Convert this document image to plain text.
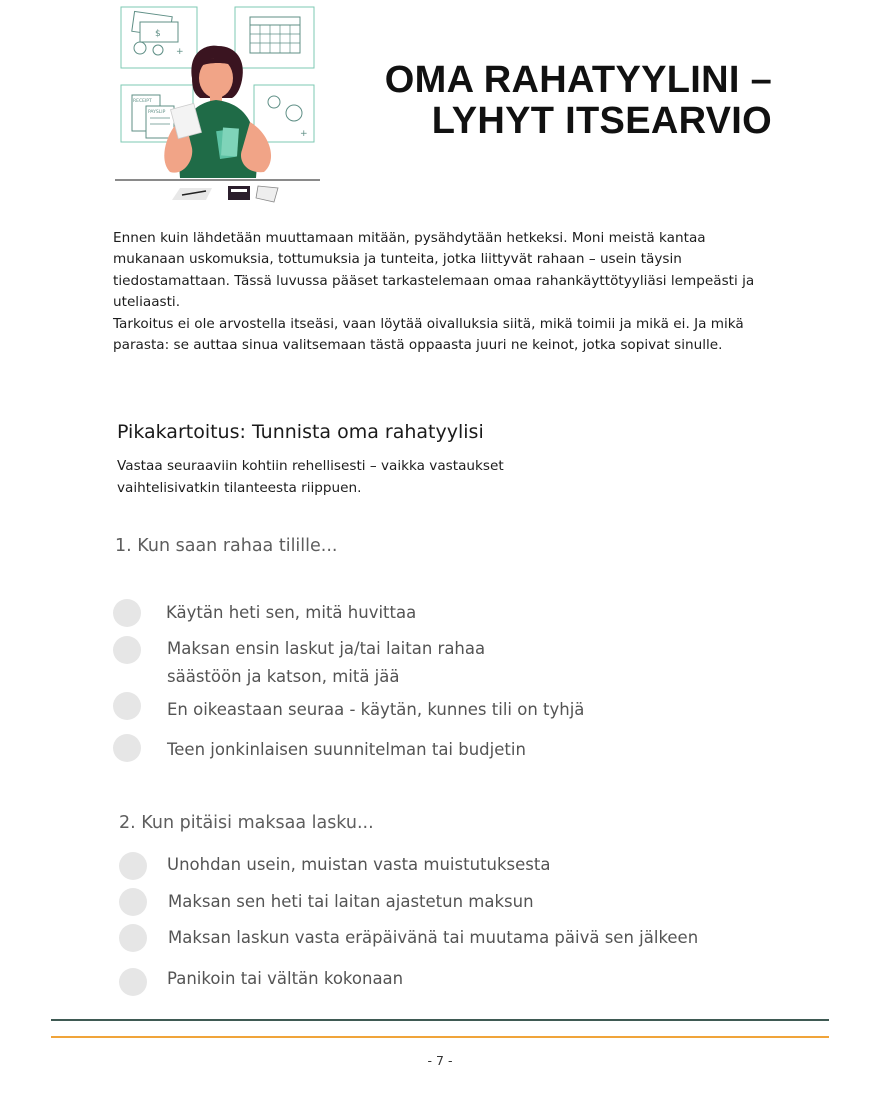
$
+
RECEIPT
PAYSLIP
+
OMA RAHATYYLINI –
LYHYT ITSEARVIO

Ennen kuin lähdetään muuttamaan mitään, pysähdytään hetkeksi. Moni meistä kantaa mukanaan uskomuksia, tottumuksia ja tunteita, jotka liittyvät rahaan – usein täysin tiedostamattaan. Tässä luvussa pääset tarkastelemaan omaa rahankäyttötyyliäsi lempeästi ja uteliaasti.

Tarkoitus ei ole arvostella itseäsi, vaan löytää oivalluksia siitä, mikä toimii ja mikä ei. Ja mikä parasta: se auttaa sinua valitsemaan tästä oppaasta juuri ne keinot, jotka sopivat sinulle.

Pikakartoitus: Tunnista oma rahatyylisi
Vastaa seuraaviin kohtiin rehellisesti – vaikka vastaukset vaihtelisivatkin tilanteesta riippuen.
1. Kun saan rahaa tilille...
Käytän heti sen, mitä huvittaa
Maksan ensin laskut ja/tai laitan rahaa
säästöön ja katson, mitä jää
En oikeastaan seuraa - käytän, kunnes tili on tyhjä
Teen jonkinlaisen suunnitelman tai budjetin
2. Kun pitäisi maksaa lasku...
Unohdan usein, muistan vasta muistutuksesta
Maksan sen heti tai laitan ajastetun maksun
Maksan laskun vasta eräpäivänä tai muutama päivä sen jälkeen
Panikoin tai vältän kokonaan
- 7 -
